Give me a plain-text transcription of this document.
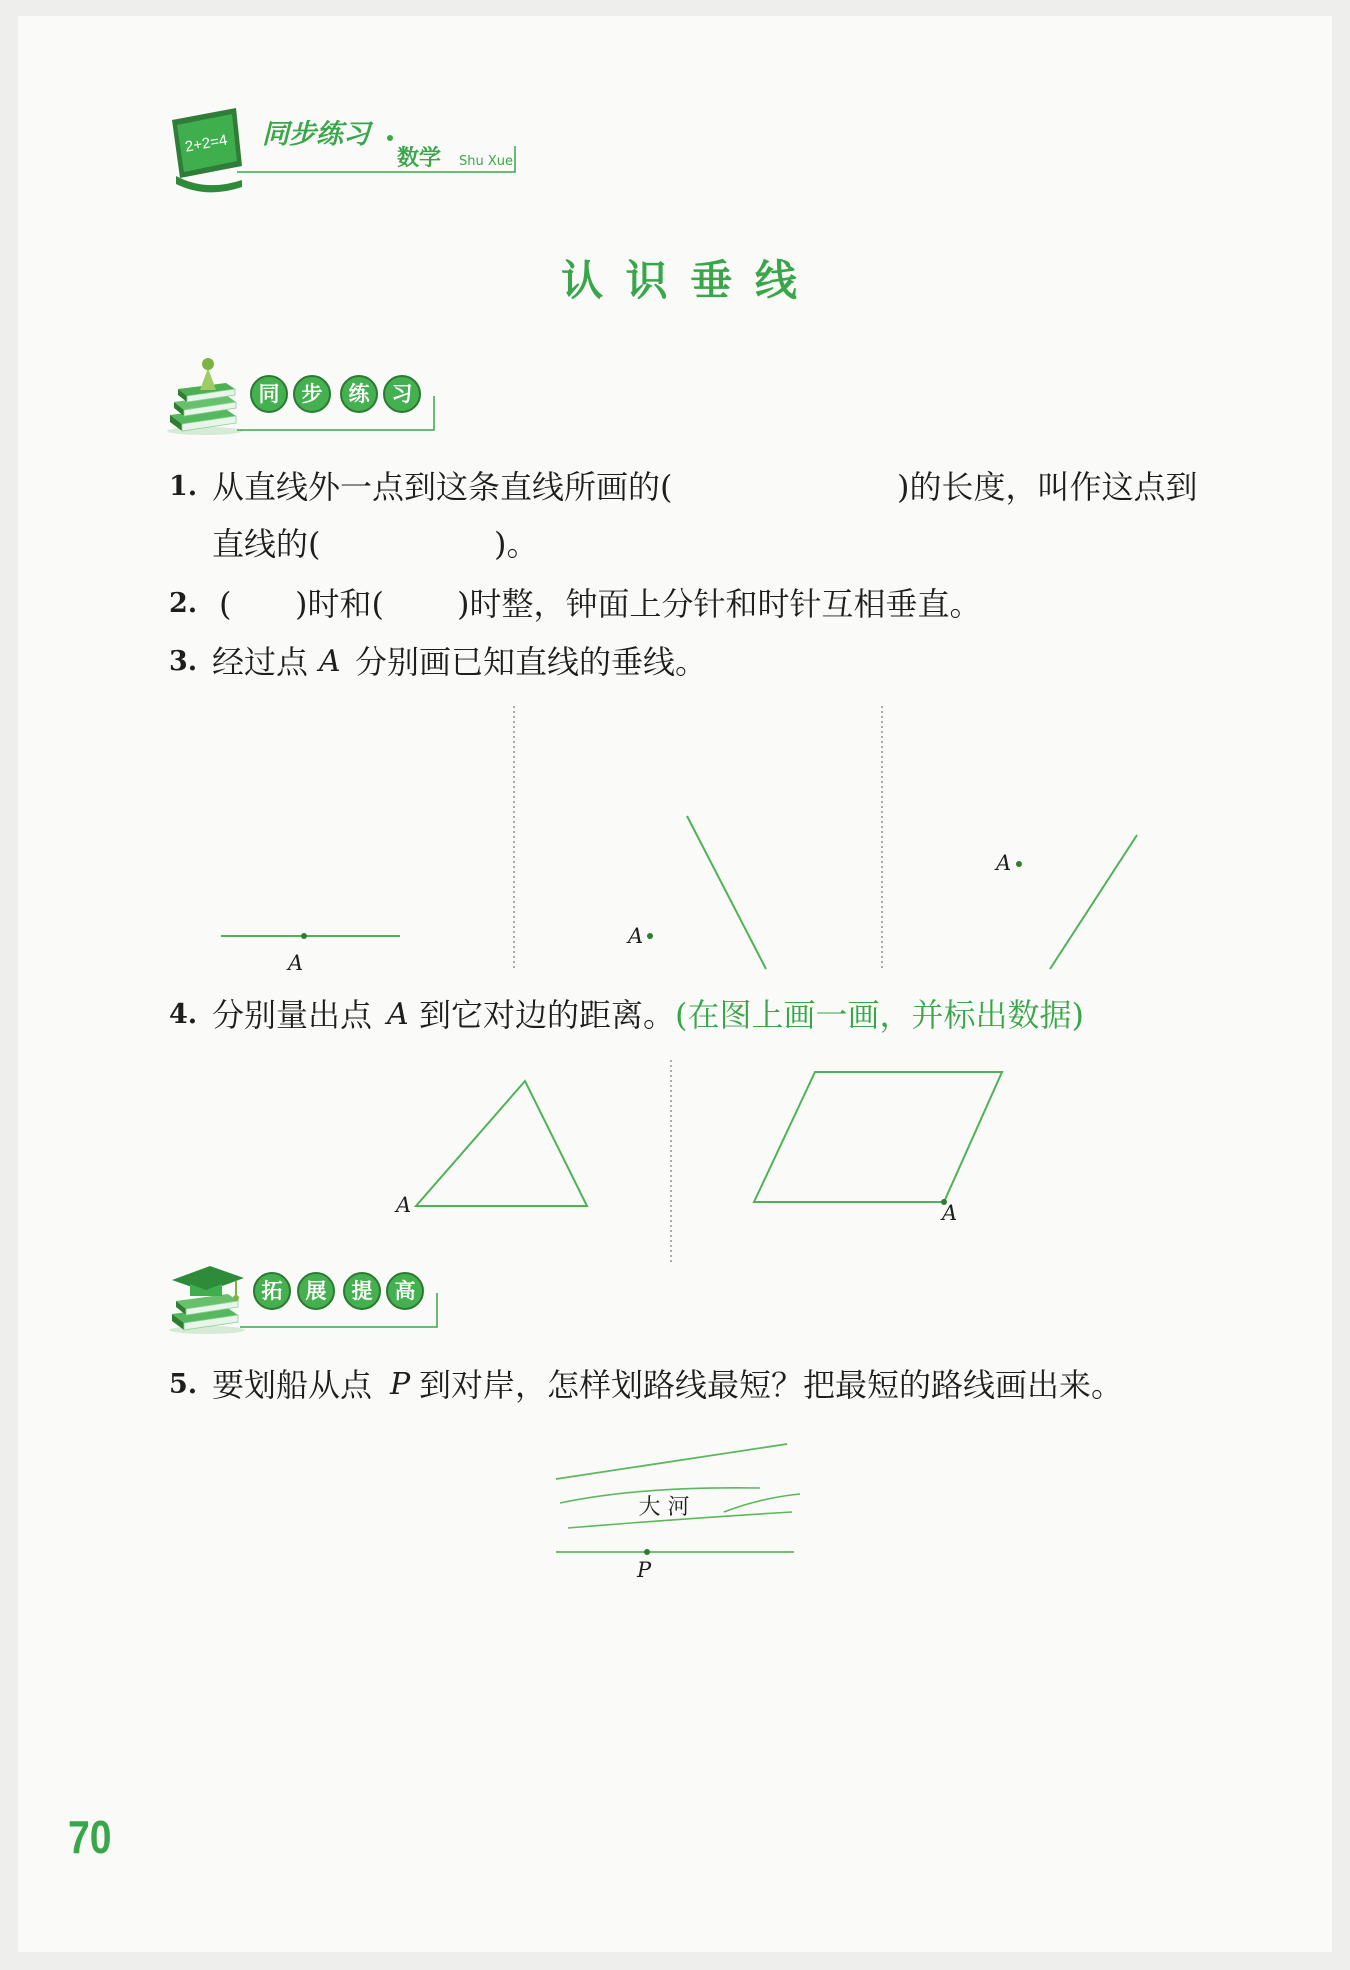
同步练习
数学 Shu Xue
认 识 垂 线
同	步	练	习
1. 从直线外一点到这条直线所画的(	)的长度，叫作这点到
直线的(	)。
2. ( )时和( )时整，钟面上分针和时针互相垂直。
3. 经过点 A 分别画已知直线的垂线。
4. 分别量出点 A 到它对边的距离。 (在图上画一画，并标出数据)
拓	展	提	高
5. 要划船从点 P 到对岸，怎样划路线最短？把最短的路线画出来。
70
2+2=4
A
A
A
A	A
大 河
P
